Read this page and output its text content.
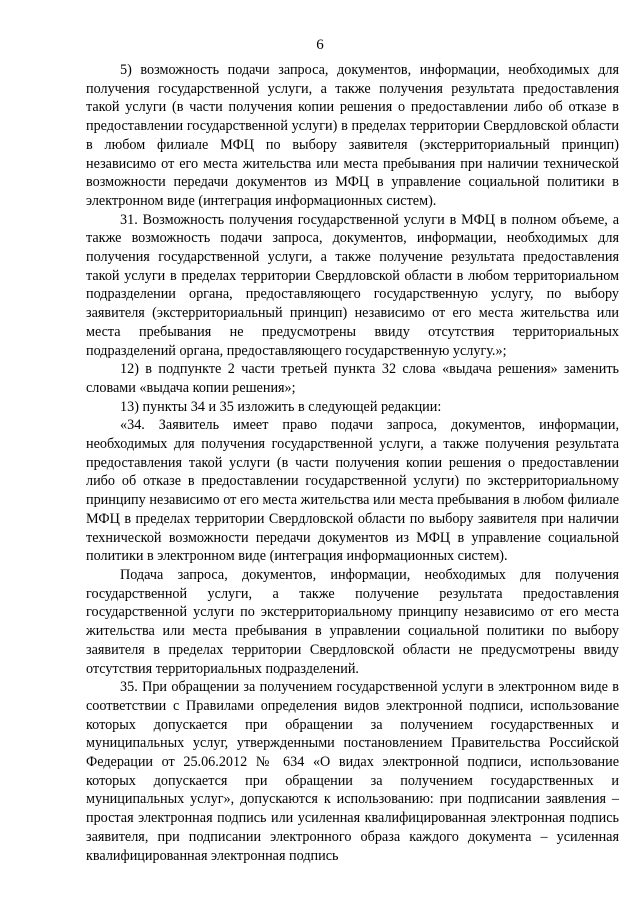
6

5) возможность подачи запроса, документов, информации, необходимых для получения государственной услуги, а также получения результата предоставления такой услуги (в части получения копии решения о предоставлении либо об отказе в предоставлении государственной услуги) в пределах территории Свердловской области в любом филиале МФЦ по выбору заявителя (экстерриториальный принцип) независимо от его места жительства или места пребывания при наличии технической возможности передачи документов из МФЦ в управление социальной политики в электронном виде (интеграция информационных систем).

31. Возможность получения государственной услуги в МФЦ в полном объеме, а также возможность подачи запроса, документов, информации, необходимых для получения государственной услуги, а также получение результата предоставления такой услуги в пределах территории Свердловской области в любом территориальном подразделении органа, предоставляющего государственную услугу, по выбору заявителя (экстерриториальный принцип) независимо от его места жительства или места пребывания не предусмотрены ввиду отсутствия территориальных подразделений органа, предоставляющего государственную услугу.»;

12) в подпункте 2 части третьей пункта 32 слова «выдача решения» заменить словами «выдача копии решения»;

13) пункты 34 и 35 изложить в следующей редакции:

«34. Заявитель имеет право подачи запроса, документов, информации, необходимых для получения государственной услуги, а также получения результата предоставления такой услуги (в части получения копии решения о предоставлении либо об отказе в предоставлении государственной услуги) по экстерриториальному принципу независимо от его места жительства или места пребывания в любом филиале МФЦ в пределах территории Свердловской области по выбору заявителя при наличии технической возможности передачи документов из МФЦ в управление социальной политики в электронном виде (интеграция информационных систем).

Подача запроса, документов, информации, необходимых для получения государственной услуги, а также получение результата предоставления государственной услуги по экстерриториальному принципу независимо от его места жительства или места пребывания в управлении социальной политики по выбору заявителя в пределах территории Свердловской области не предусмотрены ввиду отсутствия территориальных подразделений.

35. При обращении за получением государственной услуги в электронном виде в соответствии с Правилами определения видов электронной подписи, использование которых допускается при обращении за получением государственных и муниципальных услуг, утвержденными постановлением Правительства Российской Федерации от 25.06.2012 № 634 «О видах электронной подписи, использование которых допускается при обращении за получением государственных и муниципальных услуг», допускаются к использованию: при подписании заявления – простая электронная подпись или усиленная квалифицированная электронная подпись заявителя, при подписании электронного образа каждого документа – усиленная квалифицированная электронная подпись
